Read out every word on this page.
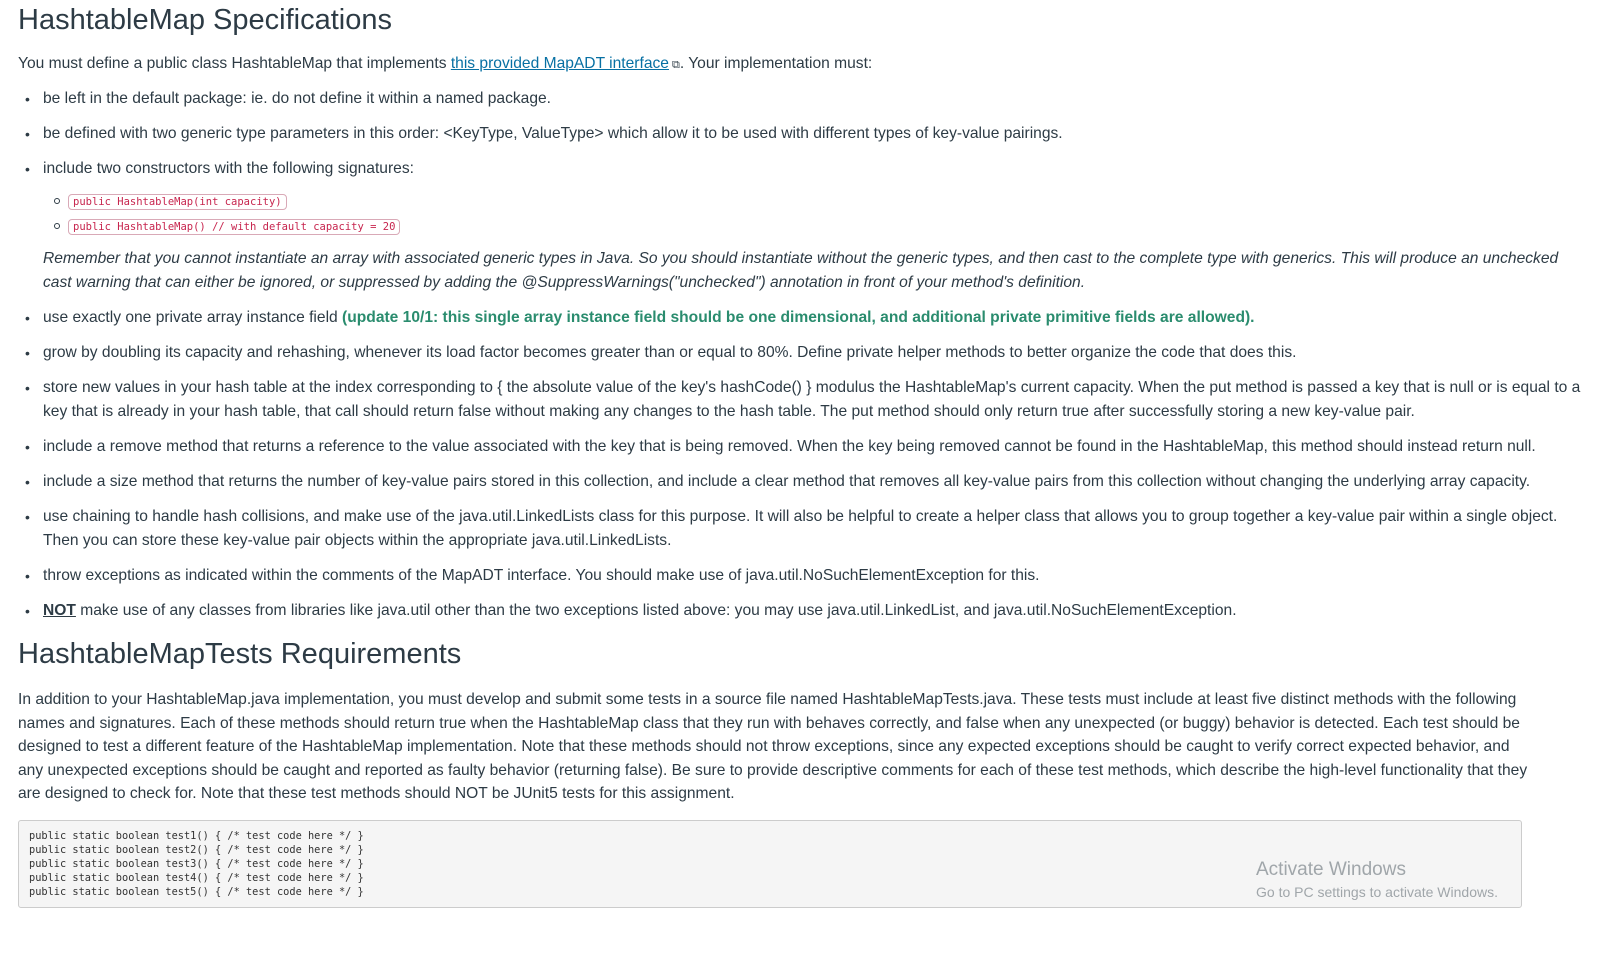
HashtableMap Specifications

You must define a public class HashtableMap that implements this provided MapADT interface ⧉. Your implementation must:

• be left in the default package: ie. do not define it within a named package.
• be defined with two generic type parameters in this order: <KeyType, ValueType> which allow it to be used with different types of key-value pairings.
• include two constructors with the following signatures:
public HashtableMap(int capacity)
public HashtableMap() // with default capacity = 20
Remember that you cannot instantiate an array with associated generic types in Java. So you should instantiate without the generic types, and then cast to the complete type with generics. This will produce an unchecked cast warning that can either be ignored, or suppressed by adding the @SuppressWarnings("unchecked") annotation in front of your method's definition.
• use exactly one private array instance field (update 10/1: this single array instance field should be one dimensional, and additional private primitive fields are allowed).
• grow by doubling its capacity and rehashing, whenever its load factor becomes greater than or equal to 80%. Define private helper methods to better organize the code that does this.
• store new values in your hash table at the index corresponding to { the absolute value of the key's hashCode() } modulus the HashtableMap's current capacity. When the put method is passed a key that is null or is equal to a key that is already in your hash table, that call should return false without making any changes to the hash table. The put method should only return true after successfully storing a new key-value pair.
• include a remove method that returns a reference to the value associated with the key that is being removed. When the key being removed cannot be found in the HashtableMap, this method should instead return null.
• include a size method that returns the number of key-value pairs stored in this collection, and include a clear method that removes all key-value pairs from this collection without changing the underlying array capacity.
• use chaining to handle hash collisions, and make use of the java.util.LinkedLists class for this purpose. It will also be helpful to create a helper class that allows you to group together a key-value pair within a single object. Then you can store these key-value pair objects within the appropriate java.util.LinkedLists.
• throw exceptions as indicated within the comments of the MapADT interface. You should make use of java.util.NoSuchElementException for this.
• NOT make use of any classes from libraries like java.util other than the two exceptions listed above: you may use java.util.LinkedList, and java.util.NoSuchElementException.
HashtableMapTests Requirements

In addition to your HashtableMap.java implementation, you must develop and submit some tests in a source file named HashtableMapTests.java. These tests must include at least five distinct methods with the following names and signatures. Each of these methods should return true when the HashtableMap class that they run with behaves correctly, and false when any unexpected (or buggy) behavior is detected. Each test should be designed to test a different feature of the HashtableMap implementation. Note that these methods should not throw exceptions, since any expected exceptions should be caught to verify correct expected behavior, and any unexpected exceptions should be caught and reported as faulty behavior (returning false). Be sure to provide descriptive comments for each of these test methods, which describe the high-level functionality that they are designed to check for. Note that these test methods should NOT be JUnit5 tests for this assignment.

public static boolean test1() { /* test code here */ }
public static boolean test2() { /* test code here */ }
public static boolean test3() { /* test code here */ }
public static boolean test4() { /* test code here */ }
public static boolean test5() { /* test code here */ }
Activate Windows
Go to PC settings to activate Windows.
